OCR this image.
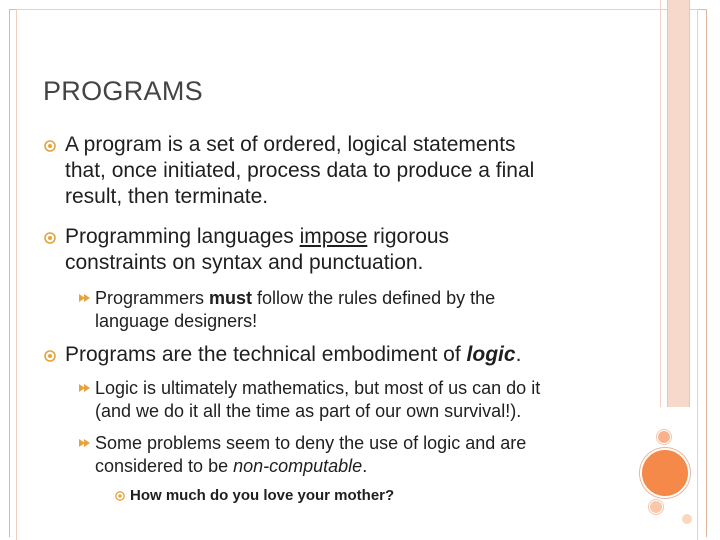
PROGRAMS
A program is a set of ordered, logical statements
that, once initiated, process data to produce a final
result, then terminate.
Programming languages impose rigorous
constraints on syntax and punctuation.
Programmers must follow the rules defined by the
language designers!
Programs are the technical embodiment of logic.
Logic is ultimately mathematics, but most of us can do it
(and we do it all the time as part of our own survival!).
Some problems seem to deny the use of logic and are
considered to be non-computable.
How much do you love your mother?
